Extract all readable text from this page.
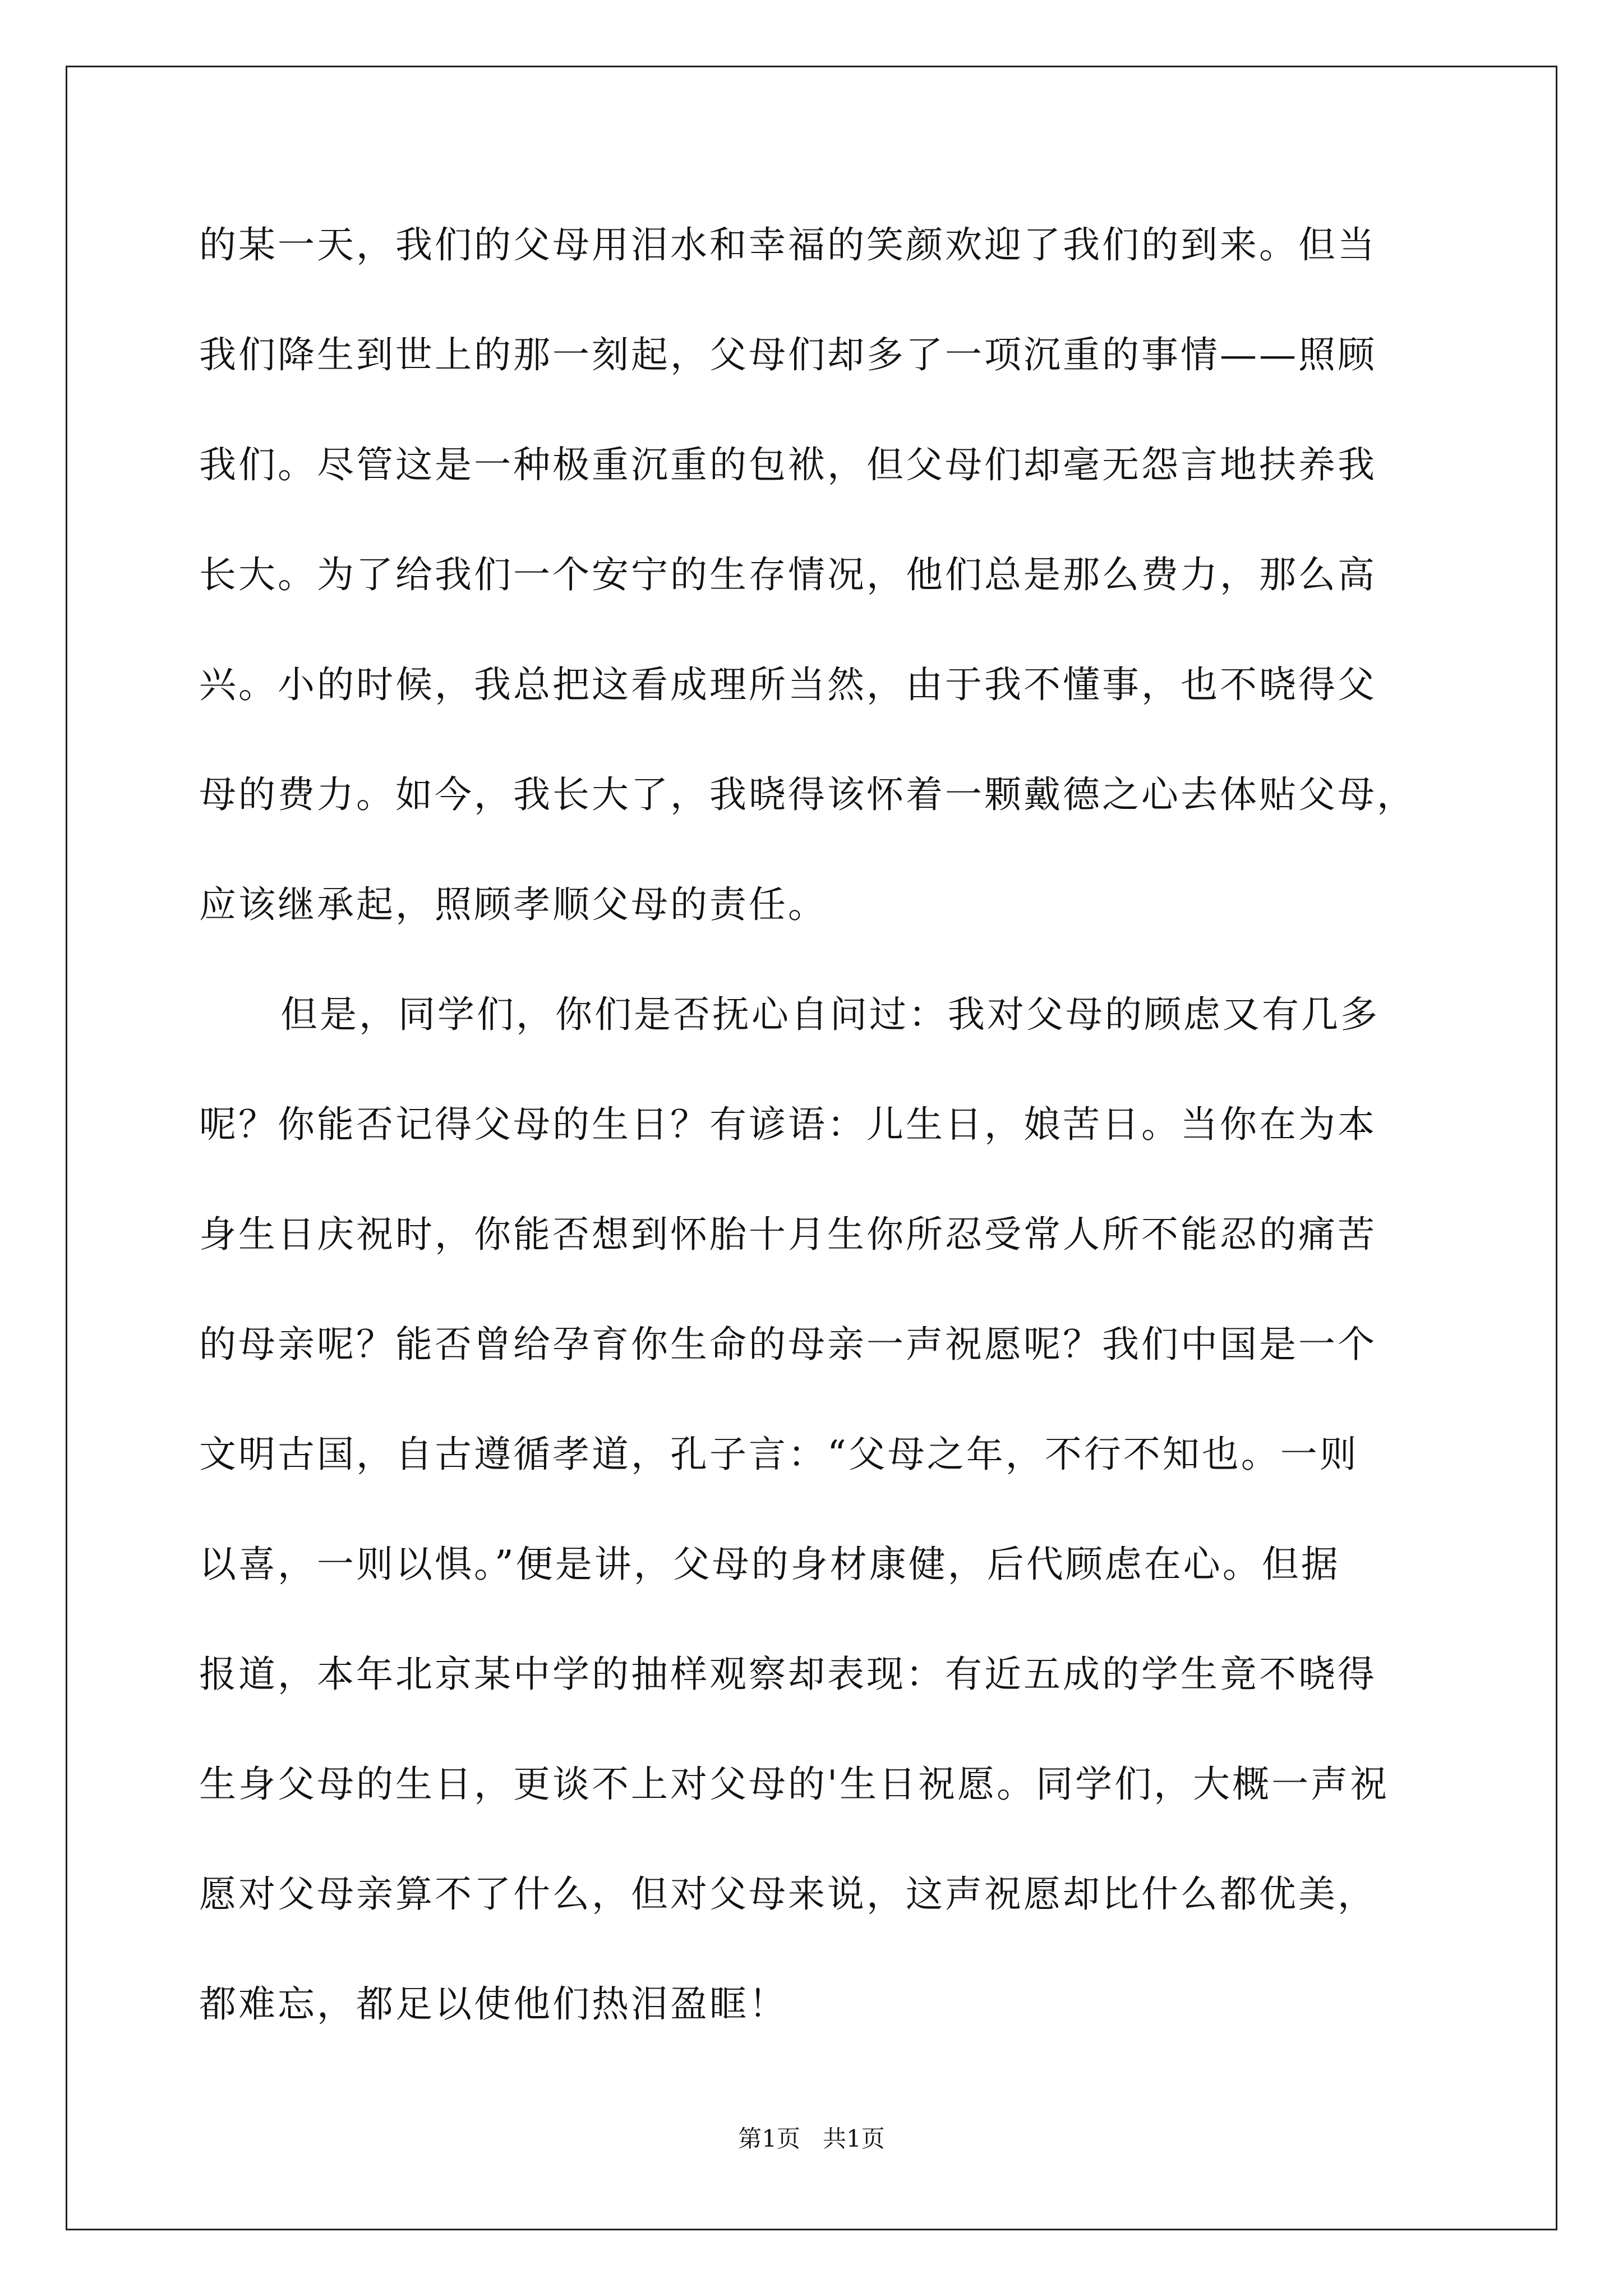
的某一天，我们的父母用泪水和幸福的笑颜欢迎了我们的到来。但当
我们降生到世上的那一刻起，父母们却多了一项沉重的事情——照顾
我们。尽管这是一种极重沉重的包袱，但父母们却毫无怨言地扶养我
长大。为了给我们一个安宁的生存情况，他们总是那么费力，那么高
兴。小的时候，我总把这看成理所当然，由于我不懂事，也不晓得父
母的费力。如今，我长大了，我晓得该怀着一颗戴德之心去体贴父母，
应该继承起，照顾孝顺父母的责任。
但是，同学们，你们是否抚心自问过：我对父母的顾虑又有几多
呢？你能否记得父母的生日？有谚语：儿生日，娘苦日。当你在为本
身生日庆祝时，你能否想到怀胎十月生你所忍受常人所不能忍的痛苦
的母亲呢？能否曾给孕育你生命的母亲一声祝愿呢？我们中国是一个
文明古国，自古遵循孝道，孔子言：“父母之年，不行不知也。一则
以喜，一则以惧。”便是讲，父母的身材康健，后代顾虑在心。但据
报道，本年北京某中学的抽样观察却表现：有近五成的学生竟不晓得
生身父母的生日，更谈不上对父母的'生日祝愿。同学们，大概一声祝
愿对父母亲算不了什么，但对父母来说，这声祝愿却比什么都优美，
都难忘，都足以使他们热泪盈眶！
第1页   共1页
